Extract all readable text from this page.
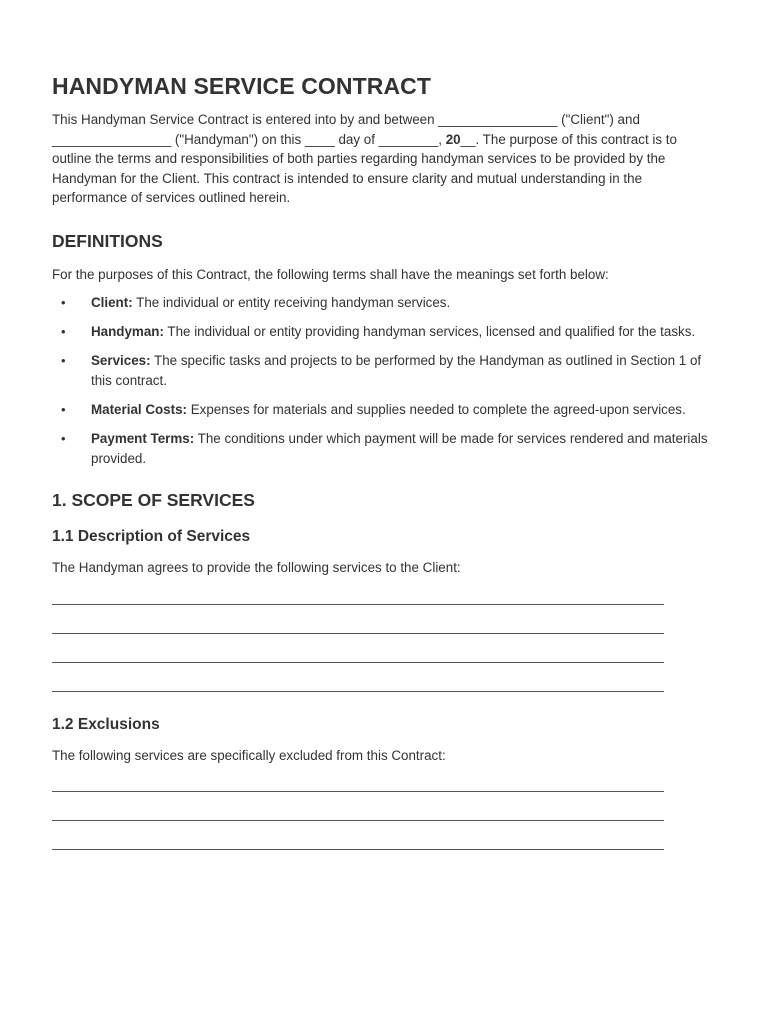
HANDYMAN SERVICE CONTRACT

This Handyman Service Contract is entered into by and between ________________ ("Client") and ________________ ("Handyman") on this ____ day of ________, 20__. The purpose of this contract is to outline the terms and responsibilities of both parties regarding handyman services to be provided by the Handyman for the Client. This contract is intended to ensure clarity and mutual understanding in the performance of services outlined herein.

DEFINITIONS

For the purposes of this Contract, the following terms shall have the meanings set forth below:

• Client: The individual or entity receiving handyman services.
• Handyman: The individual or entity providing handyman services, licensed and qualified for the tasks.
• Services: The specific tasks and projects to be performed by the Handyman as outlined in Section 1 of this contract.
• Material Costs: Expenses for materials and supplies needed to complete the agreed-upon services.
• Payment Terms: The conditions under which payment will be made for services rendered and materials provided.
1. SCOPE OF SERVICES
1.1 Description of Services

The Handyman agrees to provide the following services to the Client:

1.2 Exclusions

The following services are specifically excluded from this Contract:
